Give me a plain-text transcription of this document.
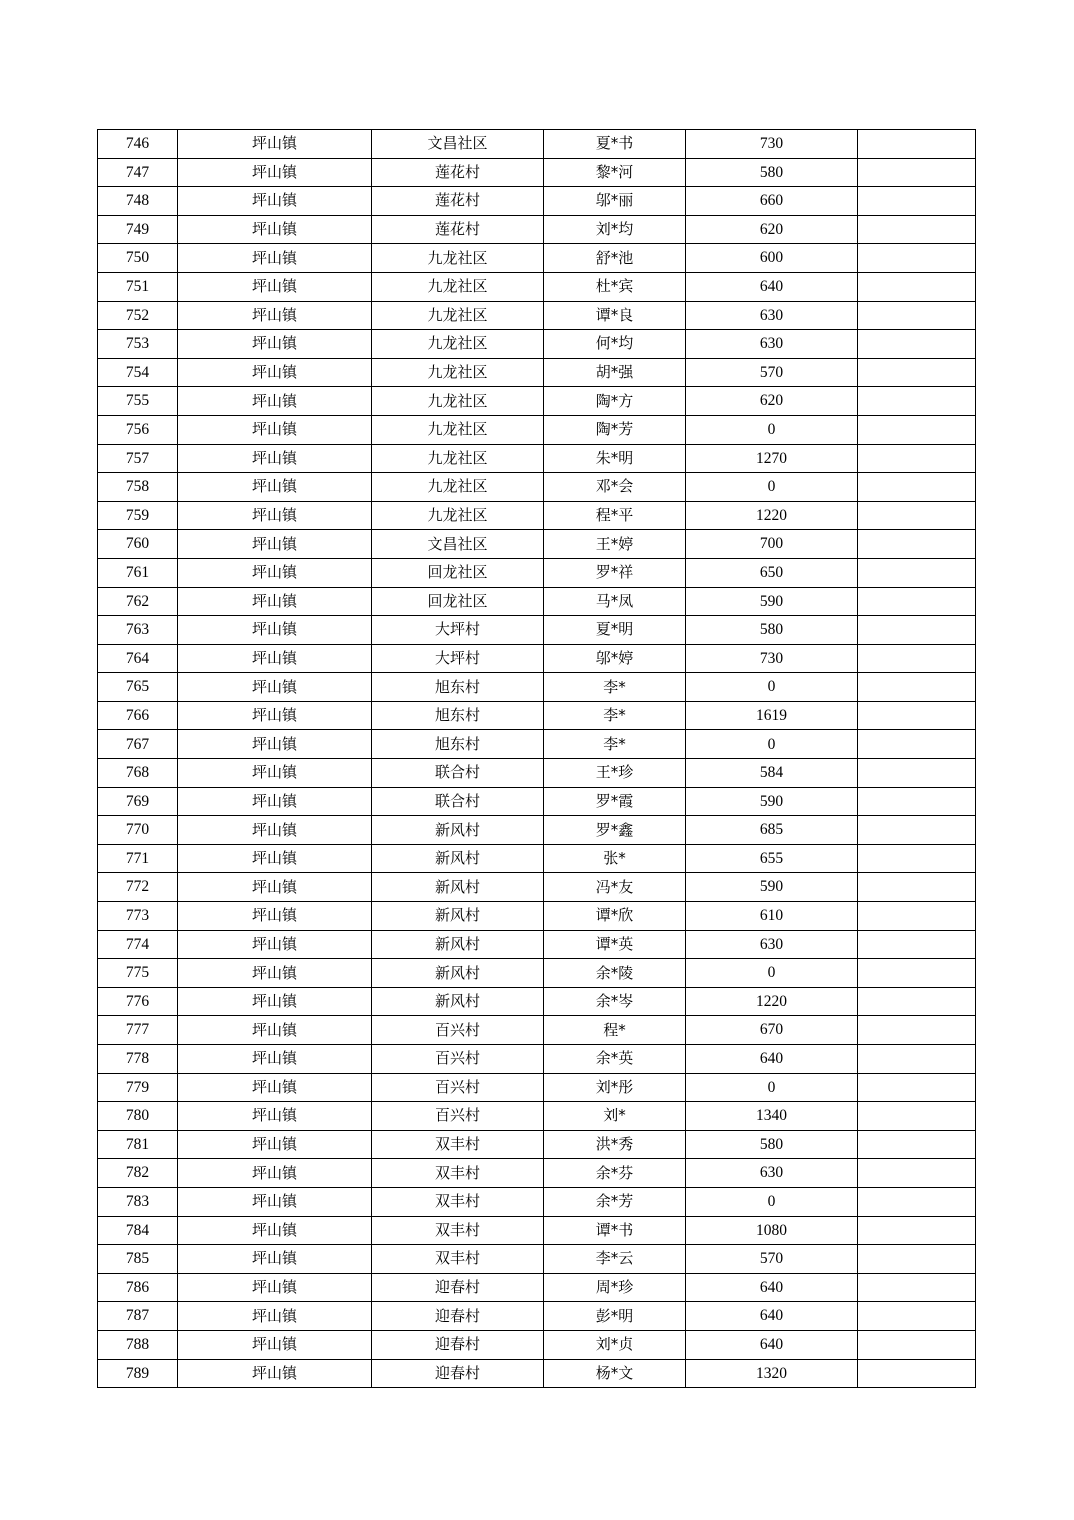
746	坪山镇	文昌社区	夏*书	730	
747	坪山镇	莲花村	黎*河	580	
748	坪山镇	莲花村	邬*丽	660	
749	坪山镇	莲花村	刘*均	620	
750	坪山镇	九龙社区	舒*池	600	
751	坪山镇	九龙社区	杜*宾	640	
752	坪山镇	九龙社区	谭*良	630	
753	坪山镇	九龙社区	何*均	630	
754	坪山镇	九龙社区	胡*强	570	
755	坪山镇	九龙社区	陶*方	620	
756	坪山镇	九龙社区	陶*芳	0	
757	坪山镇	九龙社区	朱*明	1270	
758	坪山镇	九龙社区	邓*会	0	
759	坪山镇	九龙社区	程*平	1220	
760	坪山镇	文昌社区	王*婷	700	
761	坪山镇	回龙社区	罗*祥	650	
762	坪山镇	回龙社区	马*凤	590	
763	坪山镇	大坪村	夏*明	580	
764	坪山镇	大坪村	邬*婷	730	
765	坪山镇	旭东村	李*	0	
766	坪山镇	旭东村	李*	1619	
767	坪山镇	旭东村	李*	0	
768	坪山镇	联合村	王*珍	584	
769	坪山镇	联合村	罗*霞	590	
770	坪山镇	新风村	罗*鑫	685	
771	坪山镇	新风村	张*	655	
772	坪山镇	新风村	冯*友	590	
773	坪山镇	新风村	谭*欣	610	
774	坪山镇	新风村	谭*英	630	
775	坪山镇	新风村	余*陵	0	
776	坪山镇	新风村	余*岑	1220	
777	坪山镇	百兴村	程*	670	
778	坪山镇	百兴村	余*英	640	
779	坪山镇	百兴村	刘*彤	0	
780	坪山镇	百兴村	刘*	1340	
781	坪山镇	双丰村	洪*秀	580	
782	坪山镇	双丰村	余*芬	630	
783	坪山镇	双丰村	余*芳	0	
784	坪山镇	双丰村	谭*书	1080	
785	坪山镇	双丰村	李*云	570	
786	坪山镇	迎春村	周*珍	640	
787	坪山镇	迎春村	彭*明	640	
788	坪山镇	迎春村	刘*贞	640	
789	坪山镇	迎春村	杨*文	1320	
